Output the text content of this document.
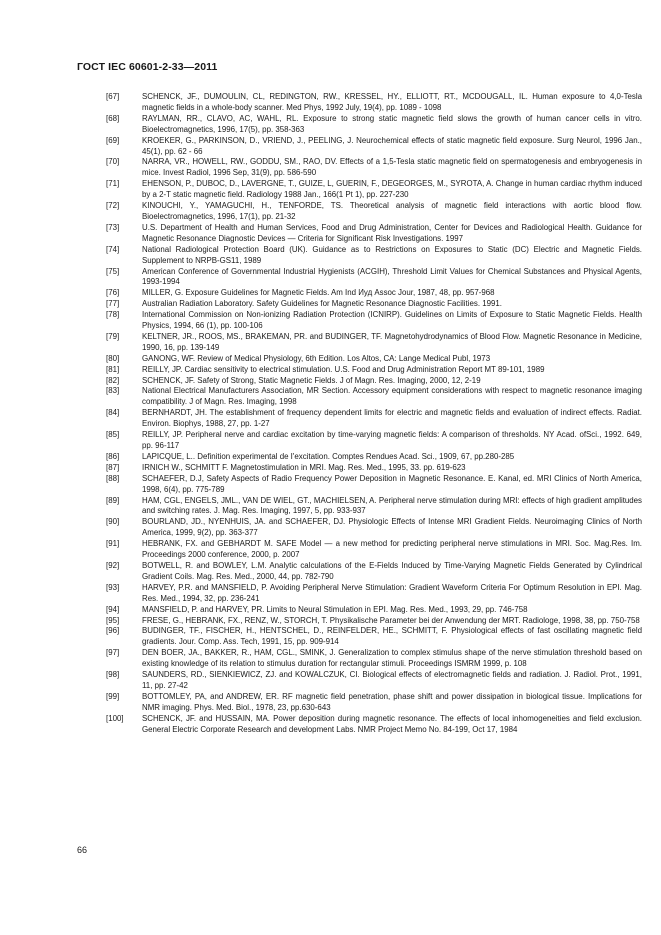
ГОСТ IEC 60601-2-33—2011
[67]	SCHENCK, JF., DUMOULIN, CL, REDINGTON, RW., KRESSEL, HY., ELLIOTT, RT., MCDOUGALL, IL. Human exposure to 4,0-Tesla magnetic fields in a whole-body scanner. Med Phys, 1992 July, 19(4), pp. 1089 - 1098
[68]	RAYLMAN, RR., CLAVO, AC, WAHL, RL. Exposure to strong static magnetic field slows the growth of human cancer cells in vitro. Bioelectromagnetics, 1996, 17(5), pp. 358-363
[69]	KROEKER, G., PARKINSON, D., VRIEND, J., PEELING, J. Neurochemical effects of static magnetic field exposure. Surg Neurol, 1996 Jan., 45(1), pp. 62 - 66
[70]	NARRA, VR., HOWELL, RW., GODDU, SM., RAO, DV. Effects of a 1,5-Tesla static magnetic field on spermatogenesis and embryogenesis in mice. Invest Radiol, 1996 Sep, 31(9), pp. 586-590
[71]	EHENSON, P., DUBOC, D., LAVERGNE, T., GUIZE, L, GUERIN, F., DEGEORGES, M., SYROTA, A. Change in human cardiac rhythm induced by a 2-T static magnetic field. Radiology 1988 Jan., 166(1 Pt 1), pp. 227-230
[72]	KINOUCHI, Y., YAMAGUCHI, H., TENFORDE, TS. Theoretical analysis of magnetic field interactions with aortic blood flow. Bioelectromagnetics, 1996, 17(1), pp. 21-32
[73]	U.S. Department of Health and Human Services, Food and Drug Administration, Center for Devices and Radiological Health. Guidance for Magnetic Resonance Diagnostic Devices — Criteria for Significant Risk Investigations. 1997
[74]	National Radiological Protection Board (UK). Guidance as to Restrictions on Exposures to Static (DC) Electric and Magnetic Fields. Supplement to NRPB-GS11, 1989
[75]	American Conference of Governmental Industrial Hygienists (ACGIH), Threshold Limit Values for Chemical Substances and Physical Agents, 1993-1994
[76]	MILLER, G. Exposure Guidelines for Magnetic Fields. Am Ind Иуд Assoc Jour, 1987, 48, pp. 957-968
[77]	Australian Radiation Laboratory. Safety Guidelines for Magnetic Resonance Diagnostic Facilities. 1991.
[78]	International Commission on Non-ionizing Radiation Protection (ICNIRP). Guidelines on Limits of Exposure to Static Magnetic Fields. Health Physics, 1994, 66 (1), pp. 100-106
[79]	KELTNER, JR., ROOS, MS., BRAKEMAN, PR. and BUDINGER, TF. Magnetohydrodynamics of Blood Flow. Magnetic Resonance in Medicine, 1990, 16, pp. 139-149
[80]	GANONG, WF. Review of Medical Physiology, 6th Edition. Los Altos, CA: Lange Medical Publ, 1973
[81]	REILLY, JP. Cardiac sensitivity to electrical stimulation. U.S. Food and Drug Administration Report MT 89-101, 1989
[82]	SCHENCK, JF. Safety of Strong, Static Magnetic Fields. J of Magn. Res. Imaging, 2000, 12, 2-19
[83]	National Electrical Manufacturers Association, MR Section. Accessory equipment considerations with respect to magnetic resonance imaging compatibility. J of Magn. Res. Imaging, 1998
[84]	BERNHARDT, JH. The establishment of frequency dependent limits for electric and magnetic fields and evaluation of indirect effects. Radiat. Environ. Biophys, 1988, 27, pp. 1-27
[85]	REILLY, JP. Peripheral nerve and cardiac excitation by time-varying magnetic fields: A comparison of thresholds. NY Acad. ofSci., 1992. 649, pp. 96-117
[86]	LAPICQUE, L.. Definition experimental de I'excitation. Comptes Rendues Acad. Sci., 1909, 67, pp.280-285
[87]	IRNICH W., SCHMITT F. Magnetostimulation in MRI. Mag. Res. Med., 1995, 33. pp. 619-623
[88]	SCHAEFER, D.J, Safety Aspects of Radio Frequency Power Deposition in Magnetic Resonance. E. Kanal, ed. MRI Clinics of North America, 1998, 6(4), pp. 775-789
[89]	HAM, CGL, ENGELS, JML., VAN DE WIEL, GT., MACHIELSEN, A. Peripheral nerve stimulation during MRI: effects of high gradient amplitudes and switching rates. J. Mag. Res. Imaging, 1997, 5, pp. 933-937
[90]	BOURLAND, JD., NYENHUIS, JA. and SCHAEFER, DJ. Physiologic Effects of Intense MRI Gradient Fields. Neuroimaging Clinics of North America, 1999, 9(2), pp. 363-377
[91]	HEBRANK, FX. and GEBHARDT M. SAFE Model — a new method for predicting peripheral nerve stimulations in MRI. Soc. Mag.Res. Im. Proceedings 2000 conference, 2000, p. 2007
[92]	BOTWELL, R. and BOWLEY, L.M. Analytic calculations of the E-Fields Induced by Time-Varying Magnetic Fields Generated by Cylindrical Gradient Coils. Mag. Res. Med., 2000, 44, pp. 782-790
[93]	HARVEY, P.R. and MANSFIELD, P. Avoiding Peripheral Nerve Stimulation: Gradient Waveform Criteria For Optimum Resolution in EPI. Mag. Res. Med., 1994, 32, pp. 236-241
[94]	MANSFIELD, P. and HARVEY, PR. Limits to Neural Stimulation in EPI. Mag. Res. Med., 1993, 29, pp. 746-758
[95]	FRESE, G., HEBRANK, FX., RENZ, W., STORCH, T. Physikalische Parameter bei der Anwendung der MRT. Radiologe, 1998, 38, pp. 750-758
[96]	BUDINGER, TF., FISCHER, H., HENTSCHEL, D., REINFELDER, HE., SCHMITT, F. Physiological effects of fast oscillating magnetic field gradients. Jour. Comp. Ass. Tech, 1991, 15, pp. 909-914
[97]	DEN BOER, JA., BAKKER, R., HAM, CGL., SMINK, J. Generalization to complex stimulus shape of the nerve stimulation threshold based on existing knowledge of its relation to stimulus duration for rectangular stimuli. Proceedings ISMRM 1999, p. 108
[98]	SAUNDERS, RD., SIENKIEWICZ, ZJ. and KOWALCZUK, CI. Biological effects of electromagnetic fields and radiation. J. Radiol. Prot., 1991, 11, pp. 27-42
[99]	BOTTOMLEY, PA, and ANDREW, ER. RF magnetic field penetration, phase shift and power dissipation in biological tissue. Implications for NMR imaging. Phys. Med. Biol., 1978, 23, pp.630-643
[100]	SCHENCK, JF. and HUSSAIN, MA. Power deposition during magnetic resonance. The effects of local inhomogeneities and field exclusion. General Electric Corporate Research and development Labs. NMR Project Memo No. 84-199, Oct 17, 1984
66
